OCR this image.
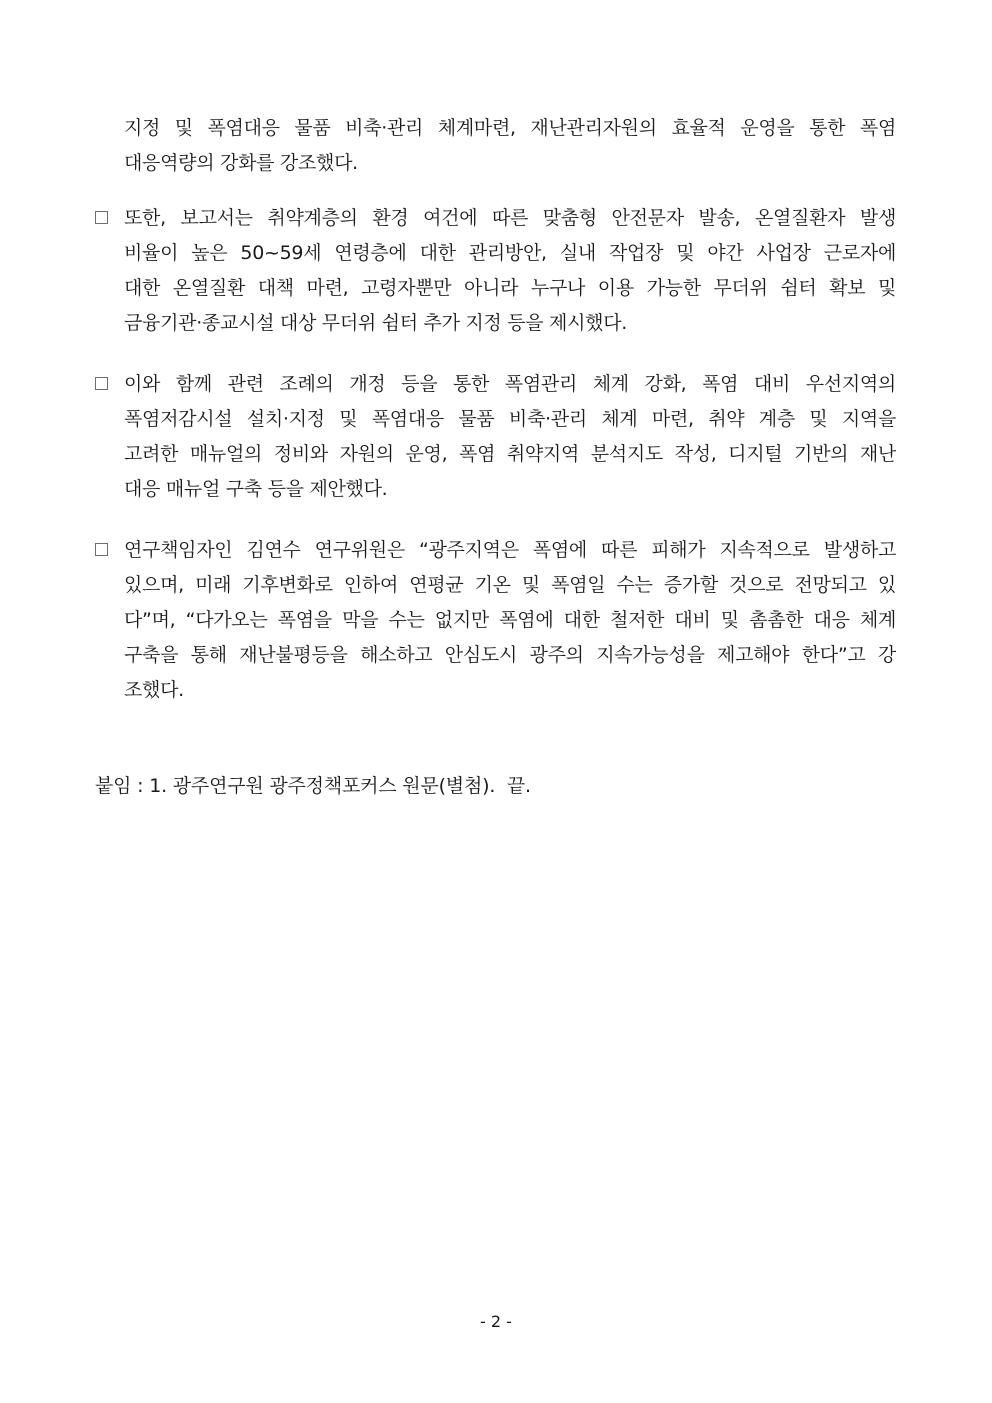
지정 및 폭염대응 물품 비축·관리 체계마련, 재난관리자원의 효율적 운영을 통한 폭염
대응역량의 강화를 강조했다.
또한, 보고서는 취약계층의 환경 여건에 따른 맞춤형 안전문자 발송, 온열질환자 발생
비율이 높은 50~59세 연령층에 대한 관리방안, 실내 작업장 및 야간 사업장 근로자에
대한 온열질환 대책 마련, 고령자뿐만 아니라 누구나 이용 가능한 무더위 쉼터 확보 및
금융기관·종교시설 대상 무더위 쉼터 추가 지정 등을 제시했다.
이와 함께 관련 조례의 개정 등을 통한 폭염관리 체계 강화, 폭염 대비 우선지역의
폭염저감시설 설치·지정 및 폭염대응 물품 비축·관리 체계 마련, 취약 계층 및 지역을
고려한 매뉴얼의 정비와 자원의 운영, 폭염 취약지역 분석지도 작성, 디지털 기반의 재난
대응 매뉴얼 구축 등을 제안했다.
연구책임자인 김연수 연구위원은 “광주지역은 폭염에 따른 피해가 지속적으로 발생하고
있으며, 미래 기후변화로 인하여 연평균 기온 및 폭염일 수는 증가할 것으로 전망되고 있
다”며, “다가오는 폭염을 막을 수는 없지만 폭염에 대한 철저한 대비 및 촘촘한 대응 체계
구축을 통해 재난불평등을 해소하고 안심도시 광주의 지속가능성을 제고해야 한다”고 강
조했다.
붙임 : 1. 광주연구원 광주정책포커스 원문(별첨).  끝.
- 2 -
